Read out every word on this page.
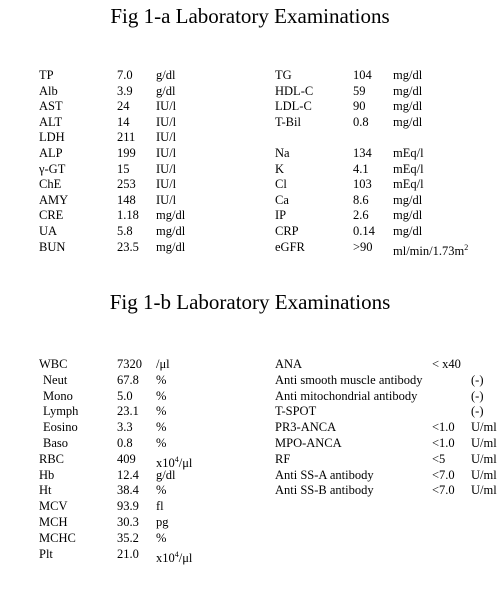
Fig 1-a Laboratory Examinations
TP	7.0 g/dl
Alb	3.9 g/dl
AST	24 IU/l
ALT	14 IU/l
LDH	211 IU/l
ALP	199 IU/l
γ-GT	15 IU/l
ChE	253 IU/l
AMY	148 IU/l
CRE	1.18 mg/dl
UA	5.8 mg/dl
BUN	23.5 mg/dl
TG	104 mg/dl
HDL-C	59 mg/dl
LDL-C	90 mg/dl
T-Bil	0.8 mg/dl
Na	134 mEq/l
K	4.1 mEq/l
Cl	103 mEq/l
Ca	8.6 mg/dl
IP	2.6 mg/dl
CRP	0.14 mg/dl
eGFR	>90 $ml/\min/1.73m^2$
Fig 1-b Laboratory Examinations
WBC	7320 /μl
Neut	67.8 %
Mono	5.0 %
Lymph	23.1 %
Eosino	3.3 %
Baso	0.8 %
RBC	409 $x10^4/\mu l$
Hb	12.4 g/dl
Ht	38.4 %
MCV	93.9 fl
MCH	30.3 pg
MCHC	35.2 %
Plt	21.0 $x10^4/\mu l$
ANA	< x40
Anti smooth muscle antibody	(-)
Anti mitochondrial antibody	(-)
T-SPOT	(-)
PR3-ANCA	<1.0 U/ml
MPO-ANCA	<1.0 U/ml
RF	<5 U/ml
Anti SS-A antibody	<7.0 U/ml
Anti SS-B antibody	<7.0 U/ml
